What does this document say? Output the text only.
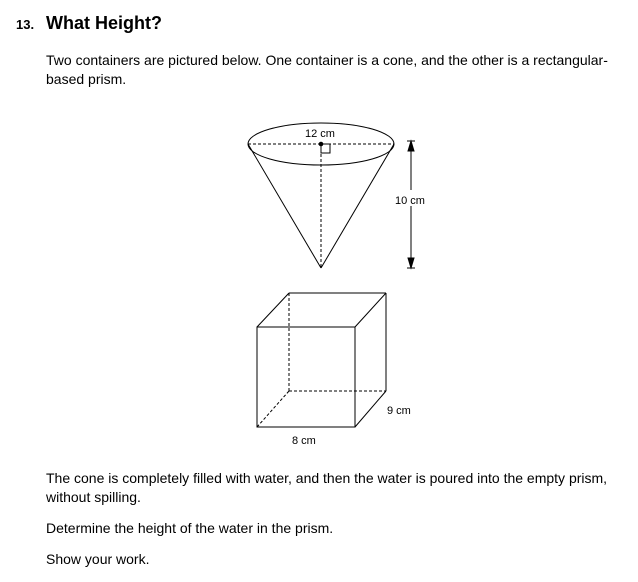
13. What Height?

Two containers are pictured below. One container is a cone, and the other is a rectangular-based prism.

12 cm
10 cm
9 cm
8 cm

The cone is completely filled with water, and then the water is poured into the empty prism, without spilling.

Determine the height of the water in the prism.

Show your work.
